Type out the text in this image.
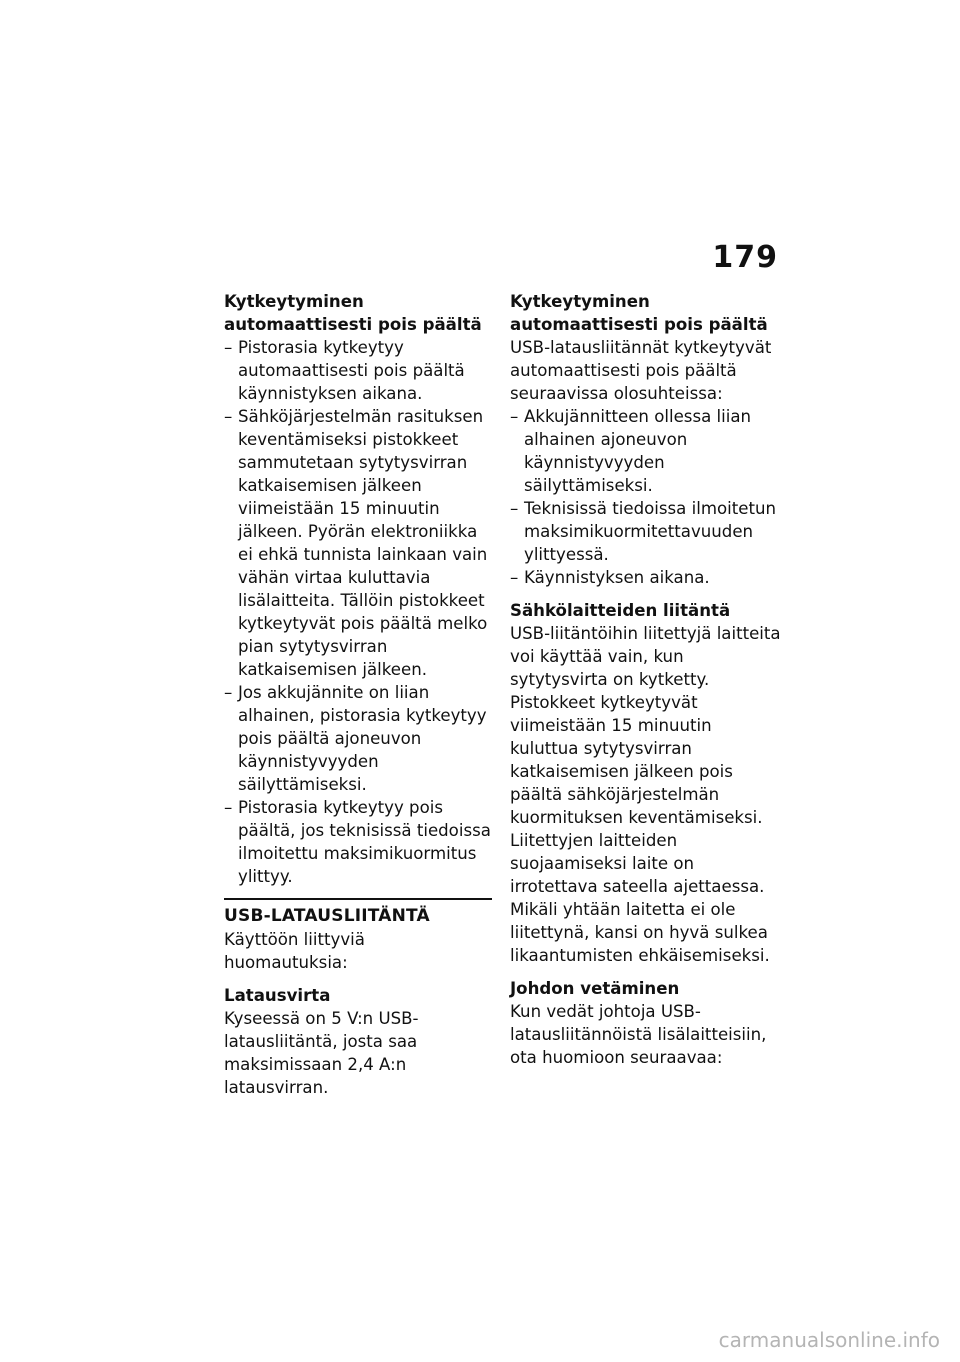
179

Kytkeytyminen

automaattisesti pois päältä

– Pistorasia kytkeytyy automaattisesti pois päältä käynnistyksen aikana.
– Sähköjärjestelmän rasituksen keventämiseksi pistokkeet sammutetaan sytytysvirran katkaisemisen jälkeen viimeistään 15 minuutin jälkeen. Pyörän elektroniikka ei ehkä tunnista lainkaan vain vähän virtaa kuluttavia lisälaitteita. Tällöin pistokkeet kytkeytyvät pois päältä melko pian sytytysvirran katkaisemisen jälkeen.
– Jos akkujännite on liian alhainen, pistorasia kytkeytyy pois päältä ajoneuvon käynnistyvyyden säilyttämiseksi.
– Pistorasia kytkeytyy pois päältä, jos teknisissä tiedoissa ilmoitettu maksimikuormitus ylittyy.

USB-LATAUSLIITÄNTÄ

Käyttöön liittyviä huomautuksia:

Latausvirta

Kyseessä on 5 V:n USB-latausliitäntä, josta saa maksimissaan 2,4 A:n latausvirran.

Kytkeytyminen

automaattisesti pois päältä

USB-latausliitännät kytkeytyvät automaattisesti pois päältä seuraavissa olosuhteissa:

– Akkujännitteen ollessa liian alhainen ajoneuvon käynnistyvyyden säilyttämiseksi.
– Teknisissä tiedoissa ilmoitetun maksimikuormitettavuuden ylittyessä.
– Käynnistyksen aikana.

Sähkölaitteiden liitäntä

USB-liitäntöihin liitettyjä laitteita voi käyttää vain, kun sytytysvirta on kytketty. Pistokkeet kytkeytyvät viimeistään 15 minuutin kuluttua sytytysvirran katkaisemisen jälkeen pois päältä sähköjärjestelmän kuormituksen keventämiseksi.

Liitettyjen laitteiden suojaamiseksi laite on irrotettava sateella ajettaessa.

Mikäli yhtään laitetta ei ole liitettynä, kansi on hyvä sulkea likaantumisten ehkäisemiseksi.

Johdon vetäminen

Kun vedät johtoja USB-latausliitännöistä lisälaitteisiin, ota huomioon seuraavaa:

carmanualsonline.info
